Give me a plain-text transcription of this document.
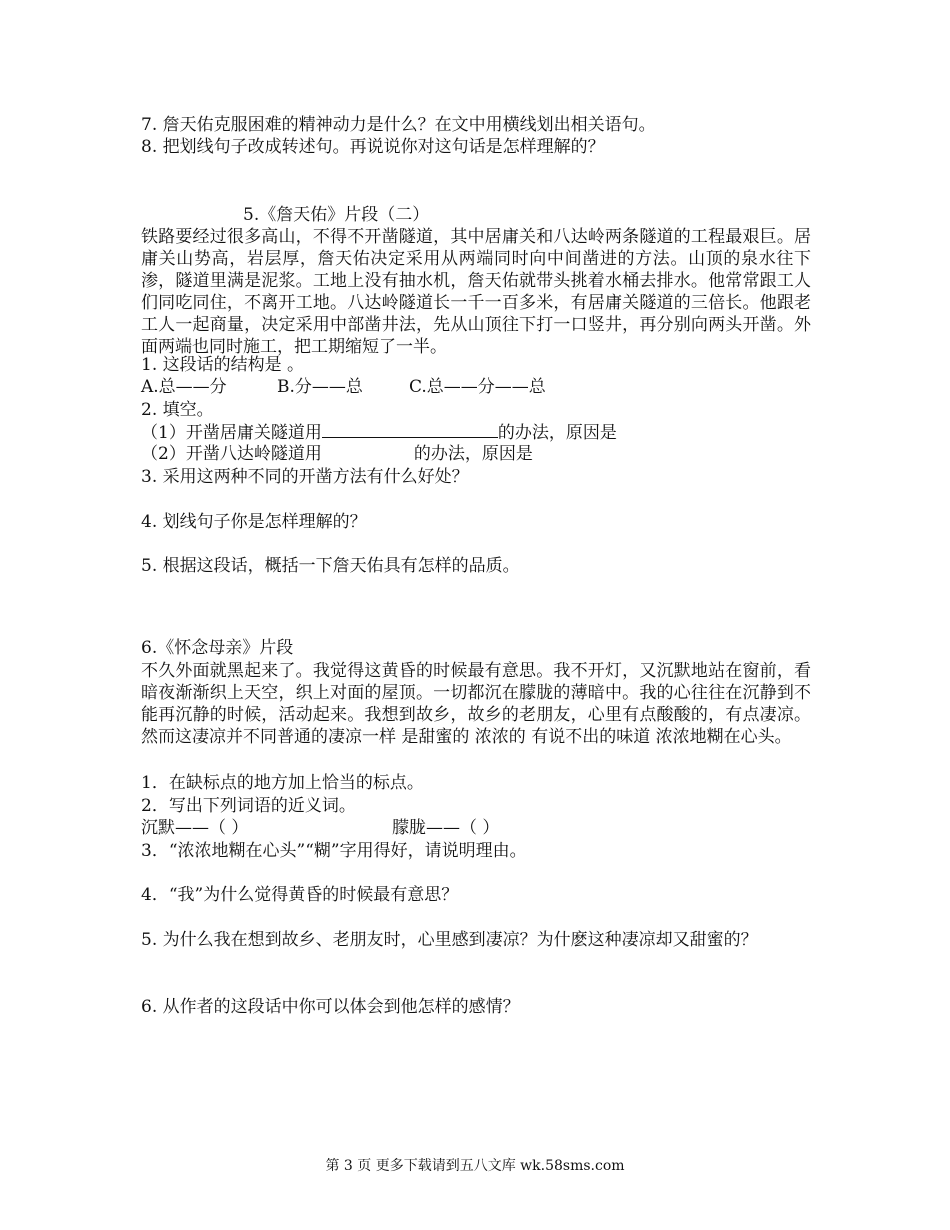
7. 詹天佑克服困难的精神动力是什么？在文中用横线划出相关语句。
8. 把划线句子改成转述句。再说说你对这句话是怎样理解的？
5.《詹天佑》片段（二）
铁路要经过很多高山，不得不开凿隧道，其中居庸关和八达岭两条隧道的工程最艰巨。居庸关山势高，岩层厚，詹天佑决定采用从两端同时向中间凿进的方法。山顶的泉水往下渗，隧道里满是泥浆。工地上没有抽水机，詹天佑就带头挑着水桶去排水。他常常跟工人们同吃同住，不离开工地。八达岭隧道长一千一百多米，有居庸关隧道的三倍长。他跟老工人一起商量，决定采用中部凿井法，先从山顶往下打一口竖井，再分别向两头开凿。外面两端也同时施工，把工期缩短了一半。
1. 这段话的结构是 。
A.总——分	B.分——总	C.总——分——总
2. 填空。
（1）开凿居庸关隧道用	的办法，原因是
（2）开凿八达岭隧道用	的办法，原因是
3. 采用这两种不同的开凿方法有什么好处？
4. 划线句子你是怎样理解的？
5. 根据这段话，概括一下詹天佑具有怎样的品质。
6.《怀念母亲》片段
不久外面就黑起来了。我觉得这黄昏的时候最有意思。我不开灯，又沉默地站在窗前，看暗夜渐渐织上天空，织上对面的屋顶。一切都沉在朦胧的薄暗中。我的心往往在沉静到不能再沉静的时候，活动起来。我想到故乡，故乡的老朋友，心里有点酸酸的，有点凄凉。然而这凄凉并不同普通的凄凉一样 是甜蜜的 浓浓的 有说不出的味道 浓浓地糊在心头。
1．在缺标点的地方加上恰当的标点。
2．写出下列词语的近义词。
沉默——（ ）	朦胧——（ ）
3．“浓浓地糊在心头”“糊”字用得好，请说明理由。
4．“我”为什么觉得黄昏的时候最有意思？
5. 为什么我在想到故乡、老朋友时，心里感到凄凉？为什麽这种凄凉却又甜蜜的？
6. 从作者的这段话中你可以体会到他怎样的感情？
第 3 页 更多下载请到五八文库 wk.58sms.com
